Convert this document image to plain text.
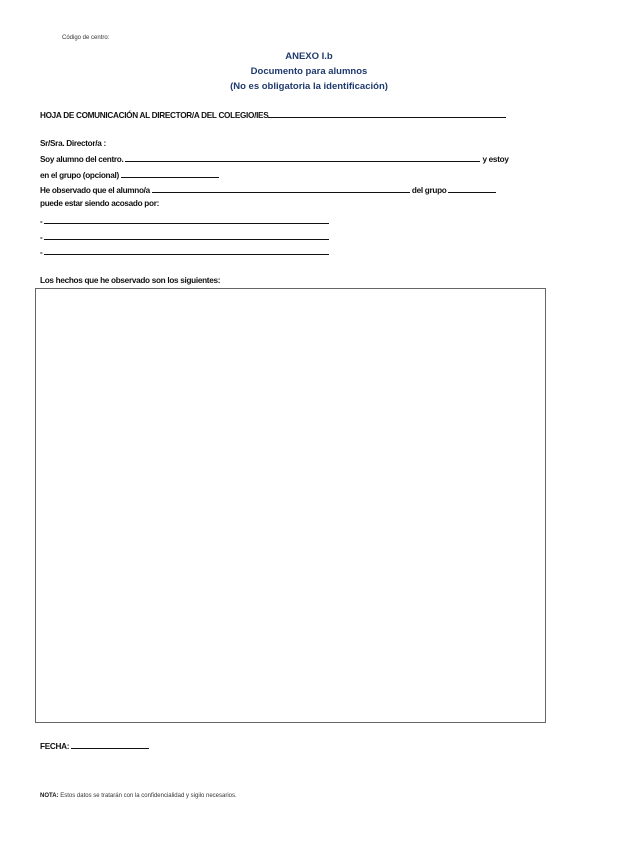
Código de centro:
ANEXO I.b
Documento para alumnos
(No es obligatoria la identificación)
HOJA DE COMUNICACIÓN AL DIRECTOR/A DEL COLEGIO/IES
Sr/Sra. Director/a :
Soy alumno del centro.	y estoy
en el grupo (opcional)
He observado que el alumno/a	del grupo
puede estar siendo acosado por:
-
-
-
Los hechos que he observado son los siguientes:
FECHA:
NOTA: Estos datos se tratarán con la confidencialidad y sigilo necesarios.
